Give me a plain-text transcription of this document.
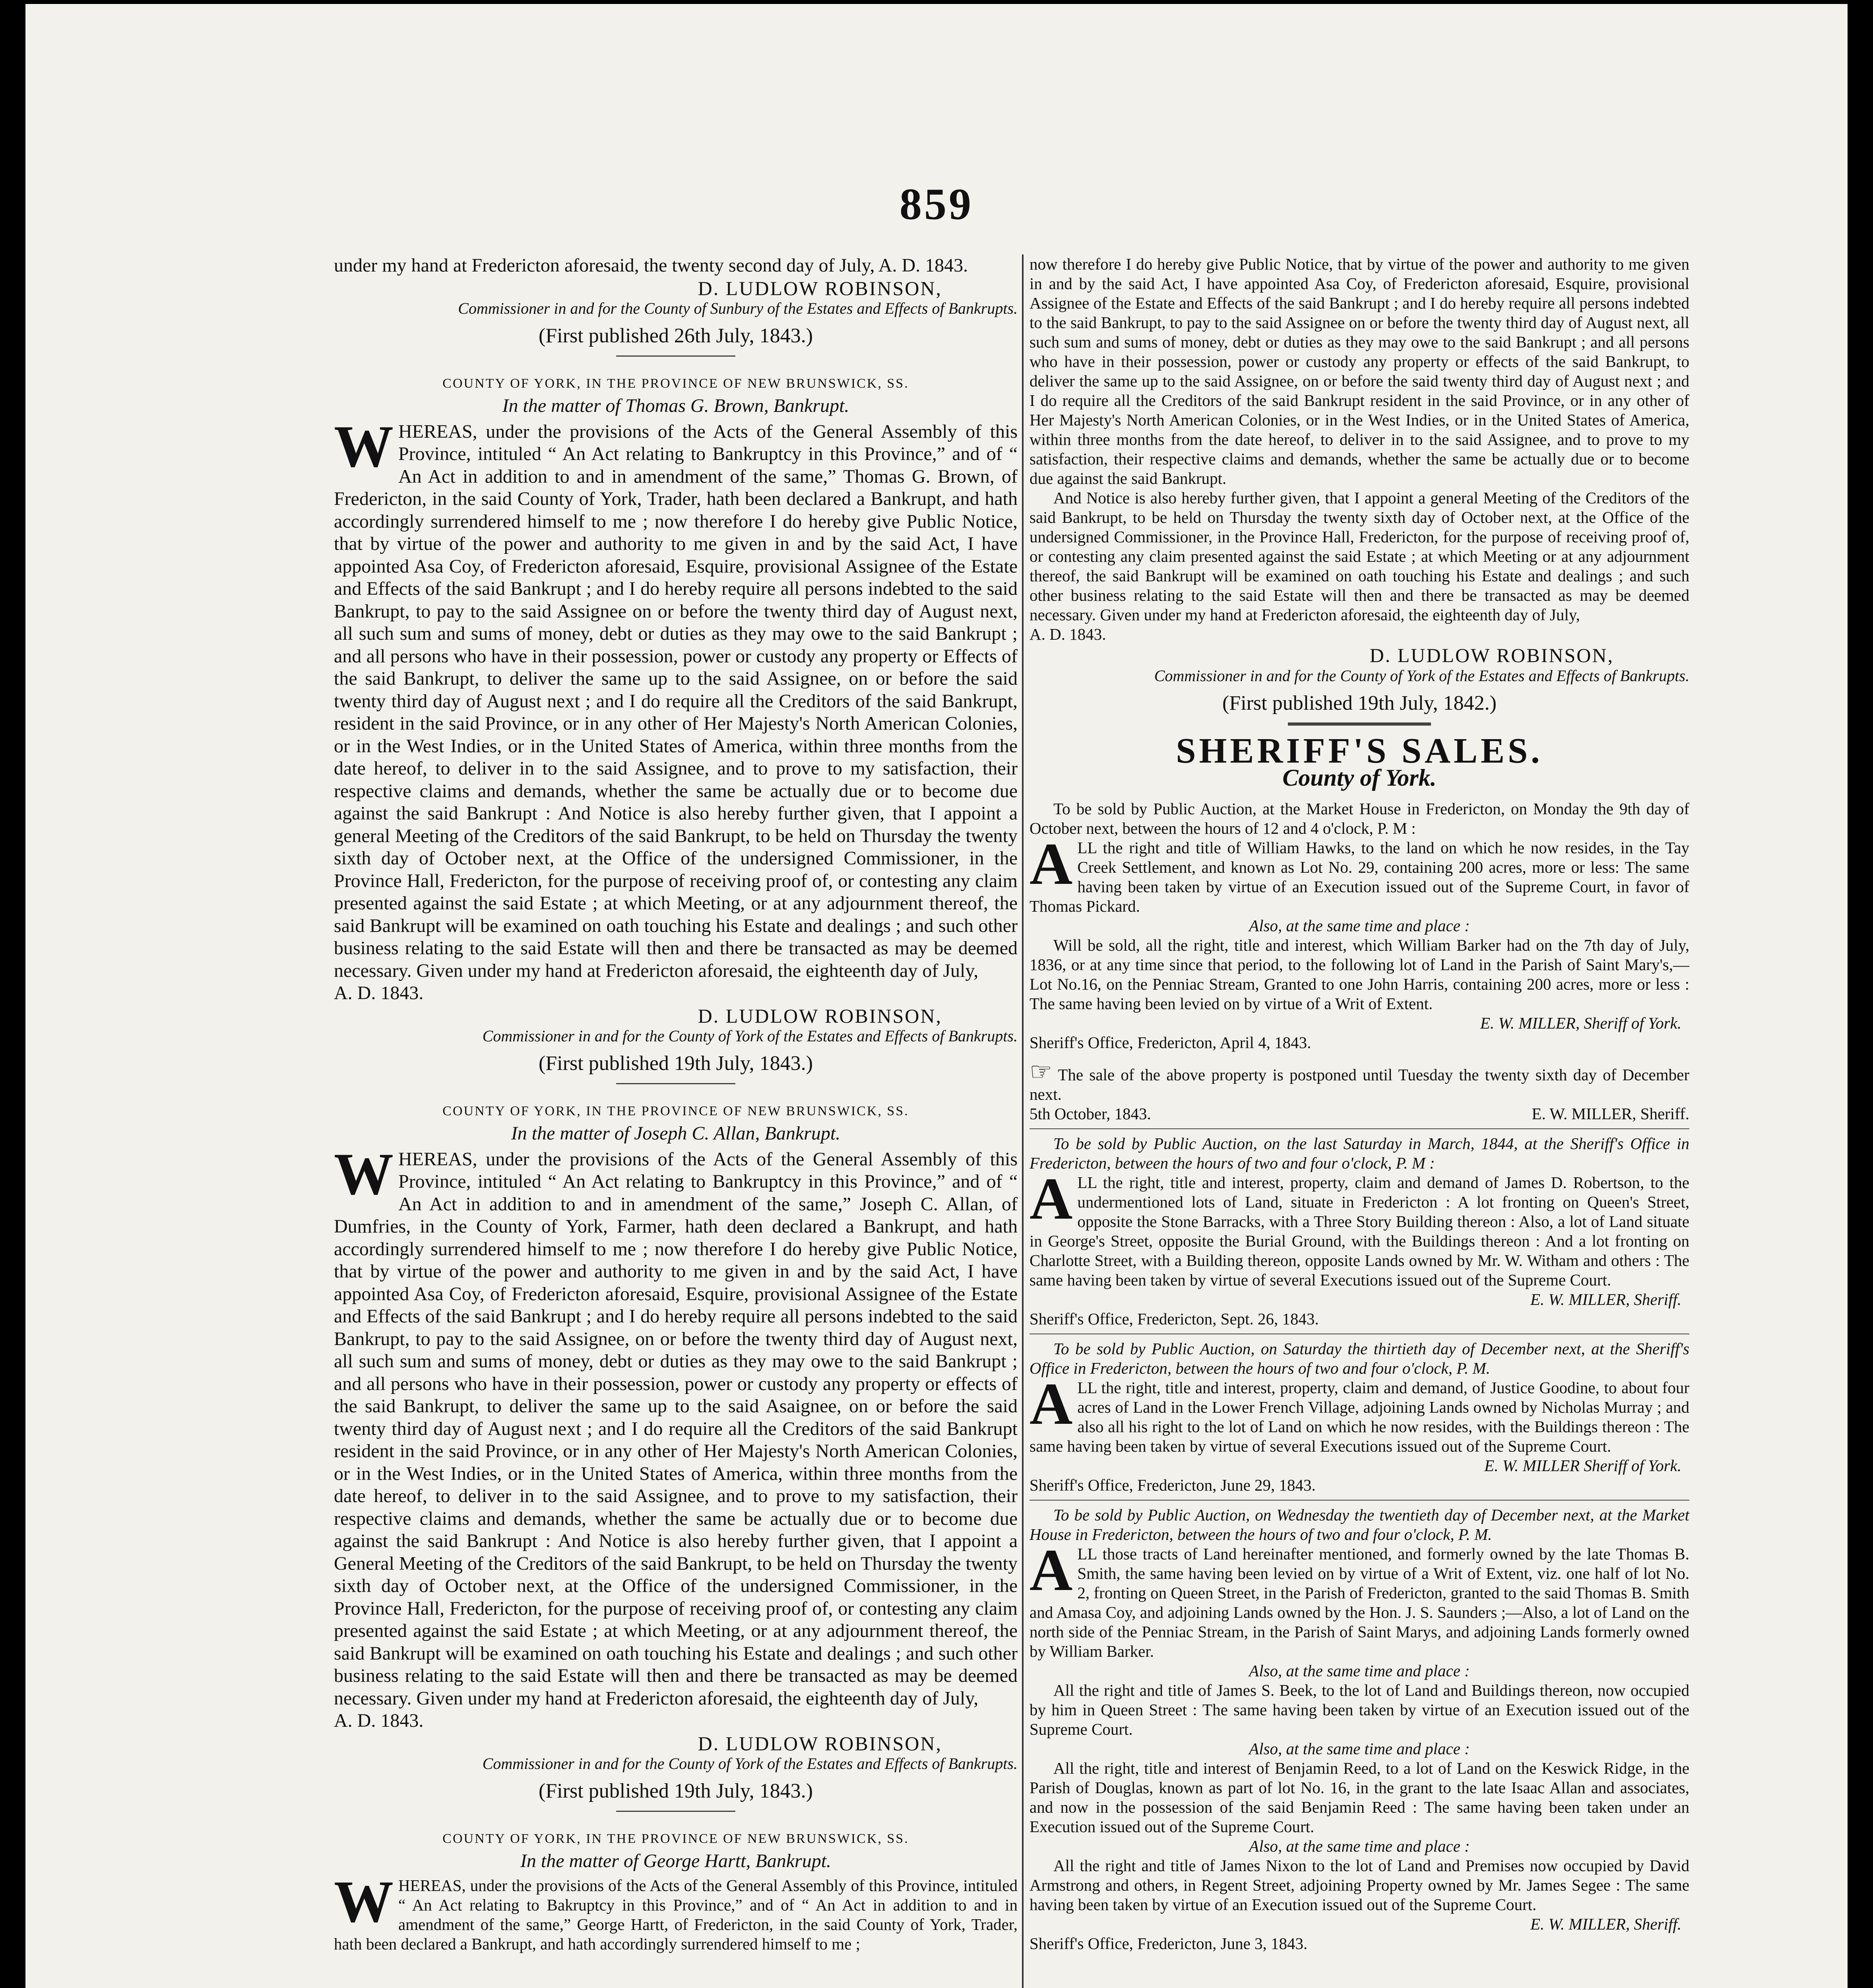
859

under my hand at Fredericton aforesaid, the twenty second day of July, A. D. 1843.

D. LUDLOW ROBINSON,

Commissioner in and for the County of Sunbury of the Estates and Effects of Bankrupts.

(First published 26th July, 1843.)

COUNTY OF YORK, IN THE PROVINCE OF NEW BRUNSWICK, SS.

In the matter of Thomas G. Brown, Bankrupt.

WHEREAS, under the provisions of the Acts of the General Assembly of this Province, intituled “ An Act relating to Bankruptcy in this Province,” and of “ An Act in addition to and in amendment of the same,” Thomas G. Brown, of Fredericton, in the said County of York, Trader, hath been declared a Bankrupt, and hath accordingly surrendered himself to me ; now therefore I do hereby give Public Notice, that by virtue of the power and authority to me given in and by the said Act, I have appointed Asa Coy, of Fredericton aforesaid, Esquire, provisional Assignee of the Estate and Effects of the said Bankrupt ; and I do hereby require all persons indebted to the said Bankrupt, to pay to the said Assignee on or before the twenty third day of August next, all such sum and sums of money, debt or duties as they may owe to the said Bankrupt ; and all persons who have in their possession, power or custody any property or Effects of the said Bankrupt, to deliver the same up to the said Assignee, on or before the said twenty third day of August next ; and I do require all the Creditors of the said Bankrupt, resident in the said Province, or in any other of Her Majesty's North American Colonies, or in the West Indies, or in the United States of America, within three months from the date hereof, to deliver in to the said Assignee, and to prove to my satisfaction, their respective claims and demands, whether the same be actually due or to become due against the said Bankrupt : And Notice is also hereby further given, that I appoint a general Meeting of the Creditors of the said Bankrupt, to be held on Thursday the twenty sixth day of October next, at the Office of the undersigned Commissioner, in the Province Hall, Fredericton, for the purpose of receiving proof of, or contesting any claim presented against the said Estate ; at which Meeting, or at any adjournment thereof, the said Bankrupt will be examined on oath touching his Estate and dealings ; and such other business relating to the said Estate will then and there be transacted as may be deemed necessary. Given under my hand at Fredericton aforesaid, the eighteenth day of July,

A. D. 1843.

D. LUDLOW ROBINSON,

Commissioner in and for the County of York of the Estates and Effects of Bankrupts.

(First published 19th July, 1843.)

COUNTY OF YORK, IN THE PROVINCE OF NEW BRUNSWICK, SS.

In the matter of Joseph C. Allan, Bankrupt.

WHEREAS, under the provisions of the Acts of the General Assembly of this Province, intituled “ An Act relating to Bankruptcy in this Province,” and of “ An Act in addition to and in amendment of the same,” Joseph C. Allan, of Dumfries, in the County of York, Farmer, hath deen declared a Bankrupt, and hath accordingly surrendered himself to me ; now therefore I do hereby give Public Notice, that by virtue of the power and authority to me given in and by the said Act, I have appointed Asa Coy, of Fredericton aforesaid, Esquire, provisional Assignee of the Estate and Effects of the said Bankrupt ; and I do hereby require all persons indebted to the said Bankrupt, to pay to the said Assignee, on or before the twenty third day of August next, all such sum and sums of money, debt or duties as they may owe to the said Bankrupt ; and all persons who have in their possession, power or custody any property or effects of the said Bankrupt, to deliver the same up to the said Asaignee, on or before the said twenty third day of August next ; and I do require all the Creditors of the said Bankrupt resident in the said Province, or in any other of Her Majesty's North American Colonies, or in the West Indies, or in the United States of America, within three months from the date hereof, to deliver in to the said Assignee, and to prove to my satisfaction, their respective claims and demands, whether the same be actually due or to become due against the said Bankrupt : And Notice is also hereby further given, that I appoint a General Meeting of the Creditors of the said Bankrupt, to be held on Thursday the twenty sixth day of October next, at the Office of the undersigned Commissioner, in the Province Hall, Fredericton, for the purpose of receiving proof of, or contesting any claim presented against the said Estate ; at which Meeting, or at any adjournment thereof, the said Bankrupt will be examined on oath touching his Estate and dealings ; and such other business relating to the said Estate will then and there be transacted as may be deemed necessary. Given under my hand at Fredericton aforesaid, the eighteenth day of July,

A. D. 1843.

D. LUDLOW ROBINSON,

Commissioner in and for the County of York of the Estates and Effects of Bankrupts.

(First published 19th July, 1843.)

COUNTY OF YORK, IN THE PROVINCE OF NEW BRUNSWICK, SS.

In the matter of George Hartt, Bankrupt.

WHEREAS, under the provisions of the Acts of the General Assembly of this Province, intituled “ An Act relating to Bakruptcy in this Province,” and of “ An Act in addition to and in amendment of the same,” George Hartt, of Fredericton, in the said County of York, Trader, hath been declared a Bankrupt, and hath accordingly surrendered himself to me ;

now therefore I do hereby give Public Notice, that by virtue of the power and authority to me given in and by the said Act, I have appointed Asa Coy, of Fredericton aforesaid, Esquire, provisional Assignee of the Estate and Effects of the said Bankrupt ; and I do hereby require all persons indebted to the said Bankrupt, to pay to the said Assignee on or before the twenty third day of August next, all such sum and sums of money, debt or duties as they may owe to the said Bankrupt ; and all persons who have in their possession, power or custody any property or effects of the said Bankrupt, to deliver the same up to the said Assignee, on or before the said twenty third day of August next ; and I do require all the Creditors of the said Bankrupt resident in the said Province, or in any other of Her Majesty's North American Colonies, or in the West Indies, or in the United States of America, within three months from the date hereof, to deliver in to the said Assignee, and to prove to my satisfaction, their respective claims and demands, whether the same be actually due or to become due against the said Bankrupt.

And Notice is also hereby further given, that I appoint a general Meeting of the Creditors of the said Bankrupt, to be held on Thursday the twenty sixth day of October next, at the Office of the undersigned Commissioner, in the Province Hall, Fredericton, for the purpose of receiving proof of, or contesting any claim presented against the said Estate ; at which Meeting or at any adjournment thereof, the said Bankrupt will be examined on oath touching his Estate and dealings ; and such other business relating to the said Estate will then and there be transacted as may be deemed necessary. Given under my hand at Fredericton aforesaid, the eighteenth day of July,

A. D. 1843.

D. LUDLOW ROBINSON,

Commissioner in and for the County of York of the Estates and Effects of Bankrupts.

(First published 19th July, 1842.)

SHERIFF'S SALES.

County of York.

To be sold by Public Auction, at the Market House in Fredericton, on Monday the 9th day of October next, between the hours of 12 and 4 o'clock, P. M :

ALL the right and title of William Hawks, to the land on which he now resides, in the Tay Creek Settlement, and known as Lot No. 29, containing 200 acres, more or less: The same having been taken by virtue of an Execution issued out of the Supreme Court, in favor of Thomas Pickard.

Also, at the same time and place :

Will be sold, all the right, title and interest, which William Barker had on the 7th day of July, 1836, or at any time since that period, to the following lot of Land in the Parish of Saint Mary's,—Lot No.16, on the Penniac Stream, Granted to one John Harris, containing 200 acres, more or less : The same having been levied on by virtue of a Writ of Extent.

E. W. MILLER, Sheriff of York.

Sheriff's Office, Fredericton, April 4, 1843.

☞ The sale of the above property is postponed until Tuesday the twenty sixth day of December next.

5th October, 1843.	E. W. MILLER, Sheriff.

To be sold by Public Auction, on the last Saturday in March, 1844, at the Sheriff's Office in Fredericton, between the hours of two and four o'clock, P. M :

ALL the right, title and interest, property, claim and demand of James D. Robertson, to the undermentioned lots of Land, situate in Fredericton : A lot fronting on Queen's Street, opposite the Stone Barracks, with a Three Story Building thereon : Also, a lot of Land situate in George's Street, opposite the Burial Ground, with the Buildings thereon : And a lot fronting on Charlotte Street, with a Building thereon, opposite Lands owned by Mr. W. Witham and others : The same having been taken by virtue of several Executions issued out of the Supreme Court.

E. W. MILLER, Sheriff.

Sheriff's Office, Fredericton, Sept. 26, 1843.

To be sold by Public Auction, on Saturday the thirtieth day of December next, at the Sheriff's Office in Fredericton, between the hours of two and four o'clock, P. M.

ALL the right, title and interest, property, claim and demand, of Justice Goodine, to about four acres of Land in the Lower French Village, adjoining Lands owned by Nicholas Murray ; and also all his right to the lot of Land on which he now resides, with the Buildings thereon : The same having been taken by virtue of several Executions issued out of the Supreme Court.

E. W. MILLER Sheriff of York.

Sheriff's Office, Fredericton, June 29, 1843.

To be sold by Public Auction, on Wednesday the twentieth day of December next, at the Market House in Fredericton, between the hours of two and four o'clock, P. M.

ALL those tracts of Land hereinafter mentioned, and formerly owned by the late Thomas B. Smith, the same having been levied on by virtue of a Writ of Extent, viz. one half of lot No. 2, fronting on Queen Street, in the Parish of Fredericton, granted to the said Thomas B. Smith and Amasa Coy, and adjoining Lands owned by the Hon. J. S. Saunders ;—Also, a lot of Land on the north side of the Penniac Stream, in the Parish of Saint Marys, and adjoining Lands formerly owned by William Barker.

Also, at the same time and place :

All the right and title of James S. Beek, to the lot of Land and Buildings thereon, now occupied by him in Queen Street : The same having been taken by virtue of an Execution issued out of the Supreme Court.

Also, at the same time and place :

All the right, title and interest of Benjamin Reed, to a lot of Land on the Keswick Ridge, in the Parish of Douglas, known as part of lot No. 16, in the grant to the late Isaac Allan and associates, and now in the possession of the said Benjamin Reed : The same having been taken under an Execution issued out of the Supreme Court.

Also, at the same time and place :

All the right and title of James Nixon to the lot of Land and Premises now occupied by David Armstrong and others, in Regent Street, adjoining Property owned by Mr. James Segee : The same having been taken by virtue of an Execution issued out of the Supreme Court.

E. W. MILLER, Sheriff.

Sheriff's Office, Fredericton, June 3, 1843.
